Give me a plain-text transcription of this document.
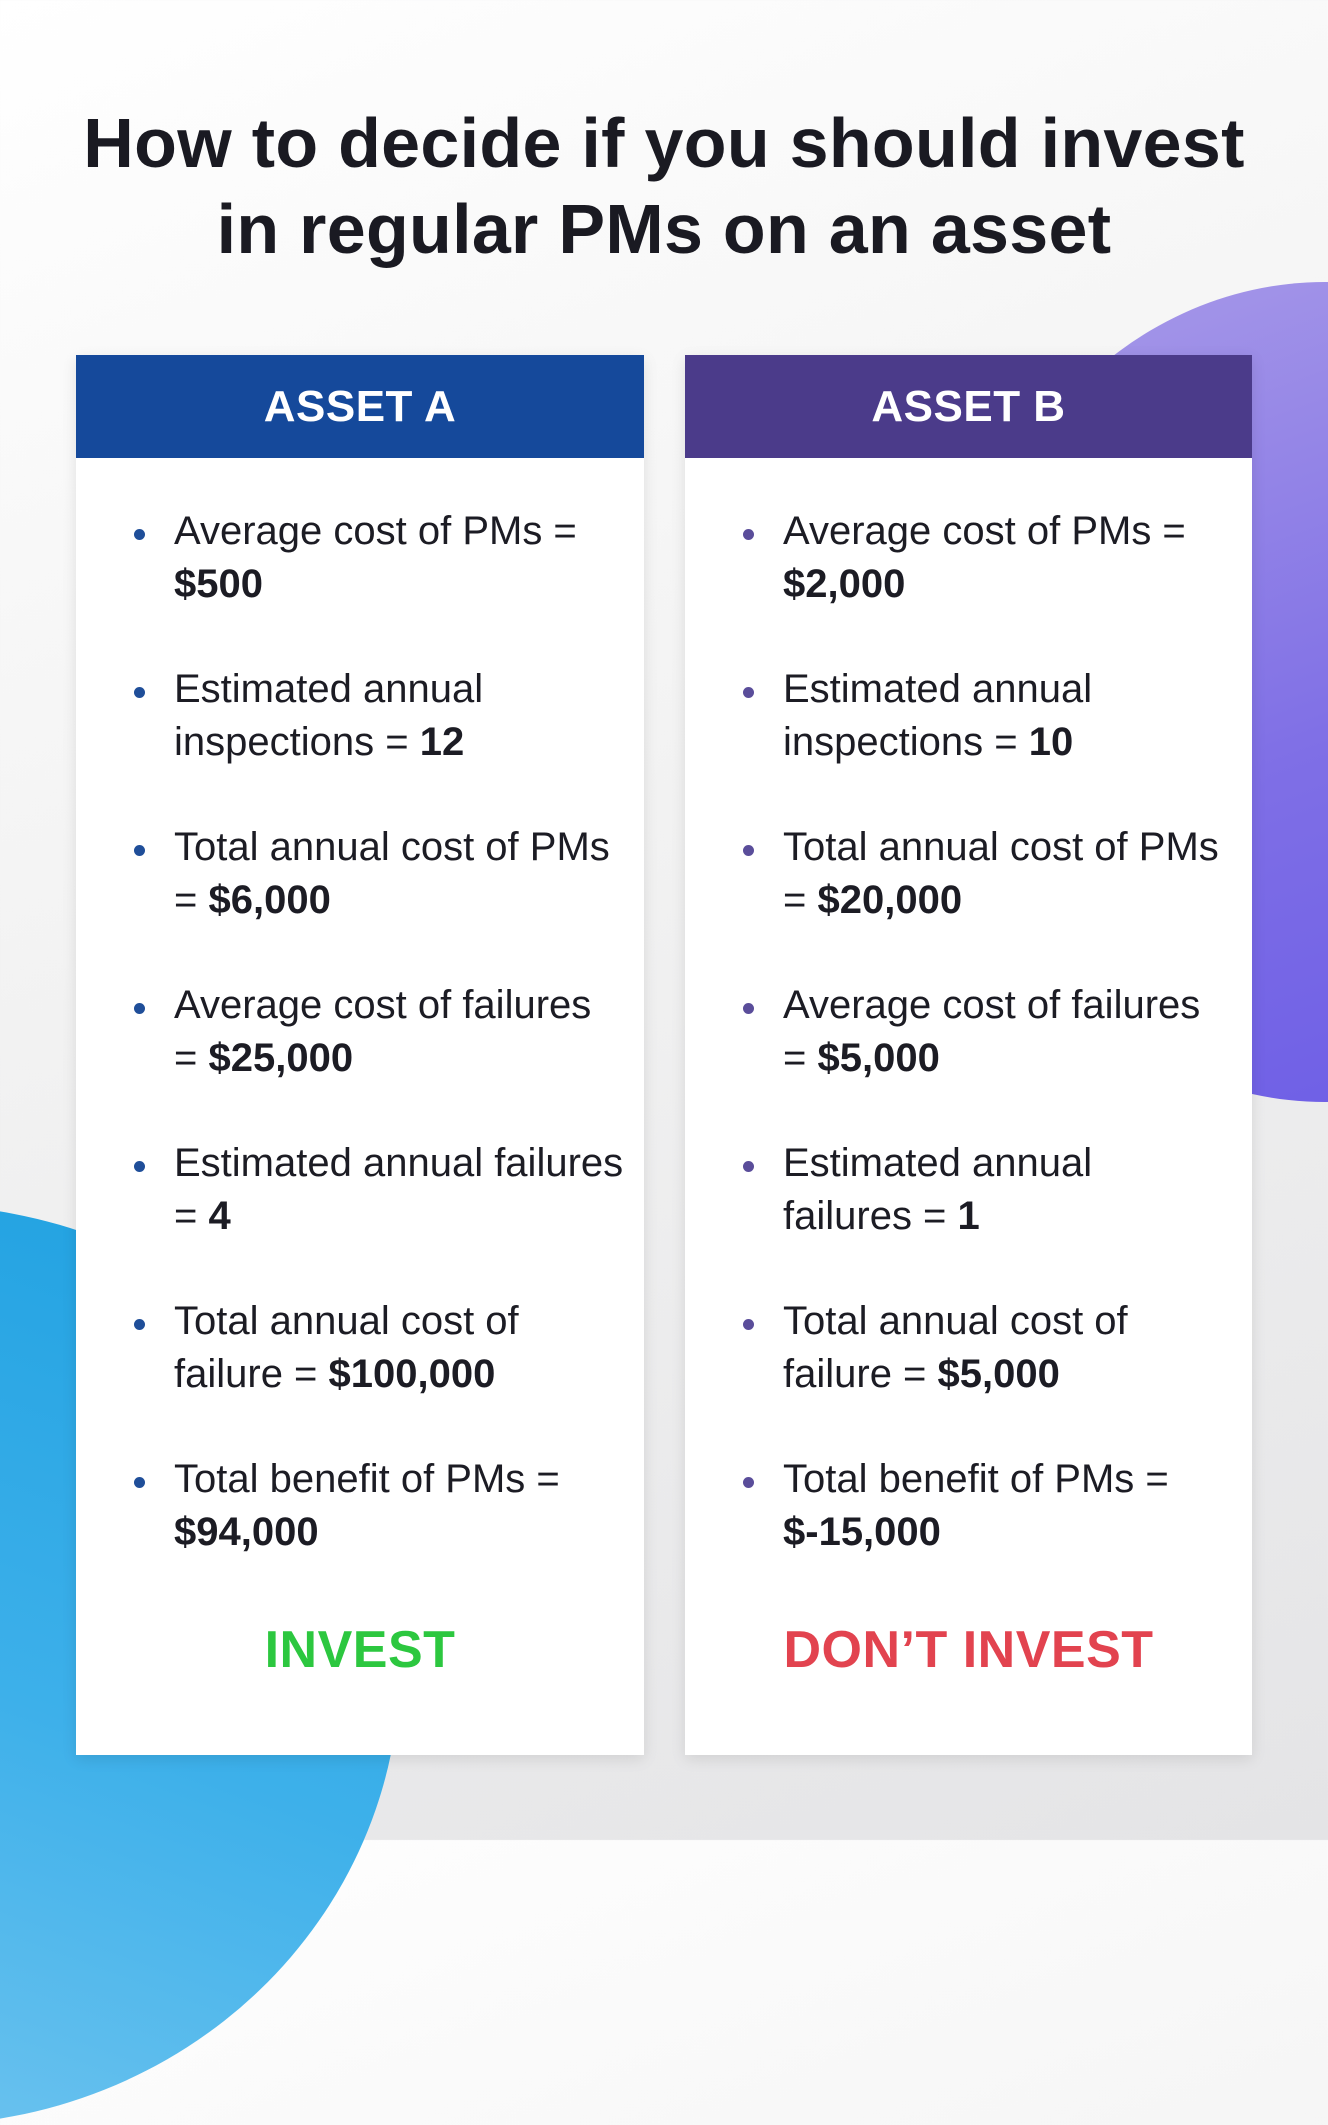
How to decide if you should invest
in regular PMs on an asset
ASSET A
Average cost of PMs = $500
Estimated annual inspections = 12
Total annual cost of PMs = $6,000
Average cost of failures = $25,000
Estimated annual failures = 4
Total annual cost of failure = $100,000
Total benefit of PMs = $94,000
INVEST
ASSET B
Average cost of PMs = $2,000
Estimated annual inspections = 10
Total annual cost of PMs = $20,000
Average cost of failures = $5,000
Estimated annual failures = 1
Total annual cost of failure = $5,000
Total benefit of PMs = $-15,000
DON’T INVEST
